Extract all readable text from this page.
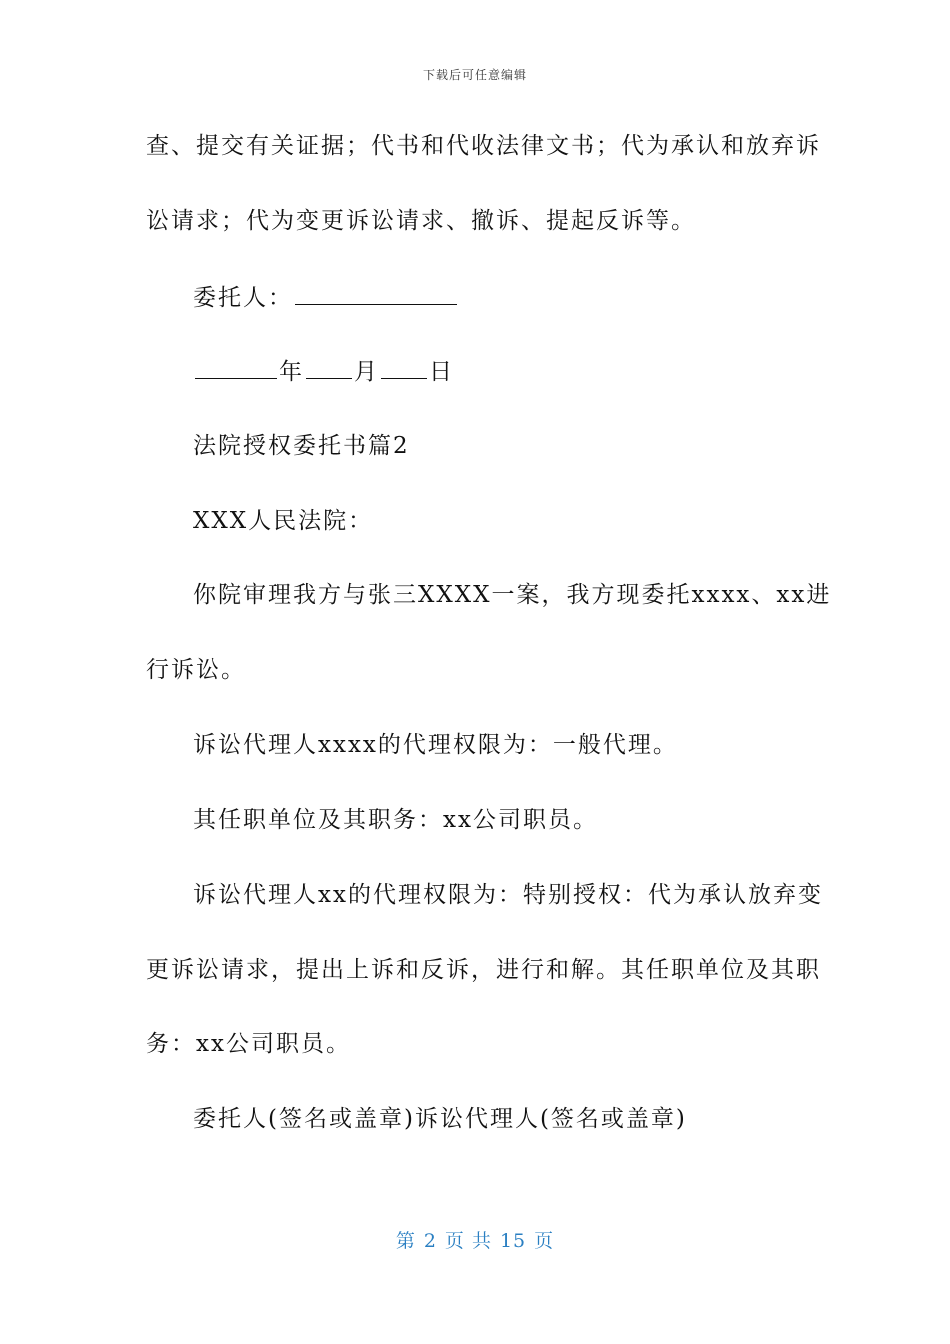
下载后可任意编辑
查、提交有关证据；代书和代收法律文书；代为承认和放弃诉
讼请求；代为变更诉讼请求、撤诉、提起反诉等。
委托人：
年 月 日
法院授权委托书篇2
XXX人民法院：
你院审理我方与张三XXXX一案，我方现委托xxxx、xx进
行诉讼。
诉讼代理人xxxx的代理权限为：一般代理。
其任职单位及其职务：xx公司职员。
诉讼代理人xx的代理权限为：特别授权：代为承认放弃变
更诉讼请求，提出上诉和反诉，进行和解。其任职单位及其职
务：xx公司职员。
委托人(签名或盖章)诉讼代理人(签名或盖章)
第 2 页 共 15 页
